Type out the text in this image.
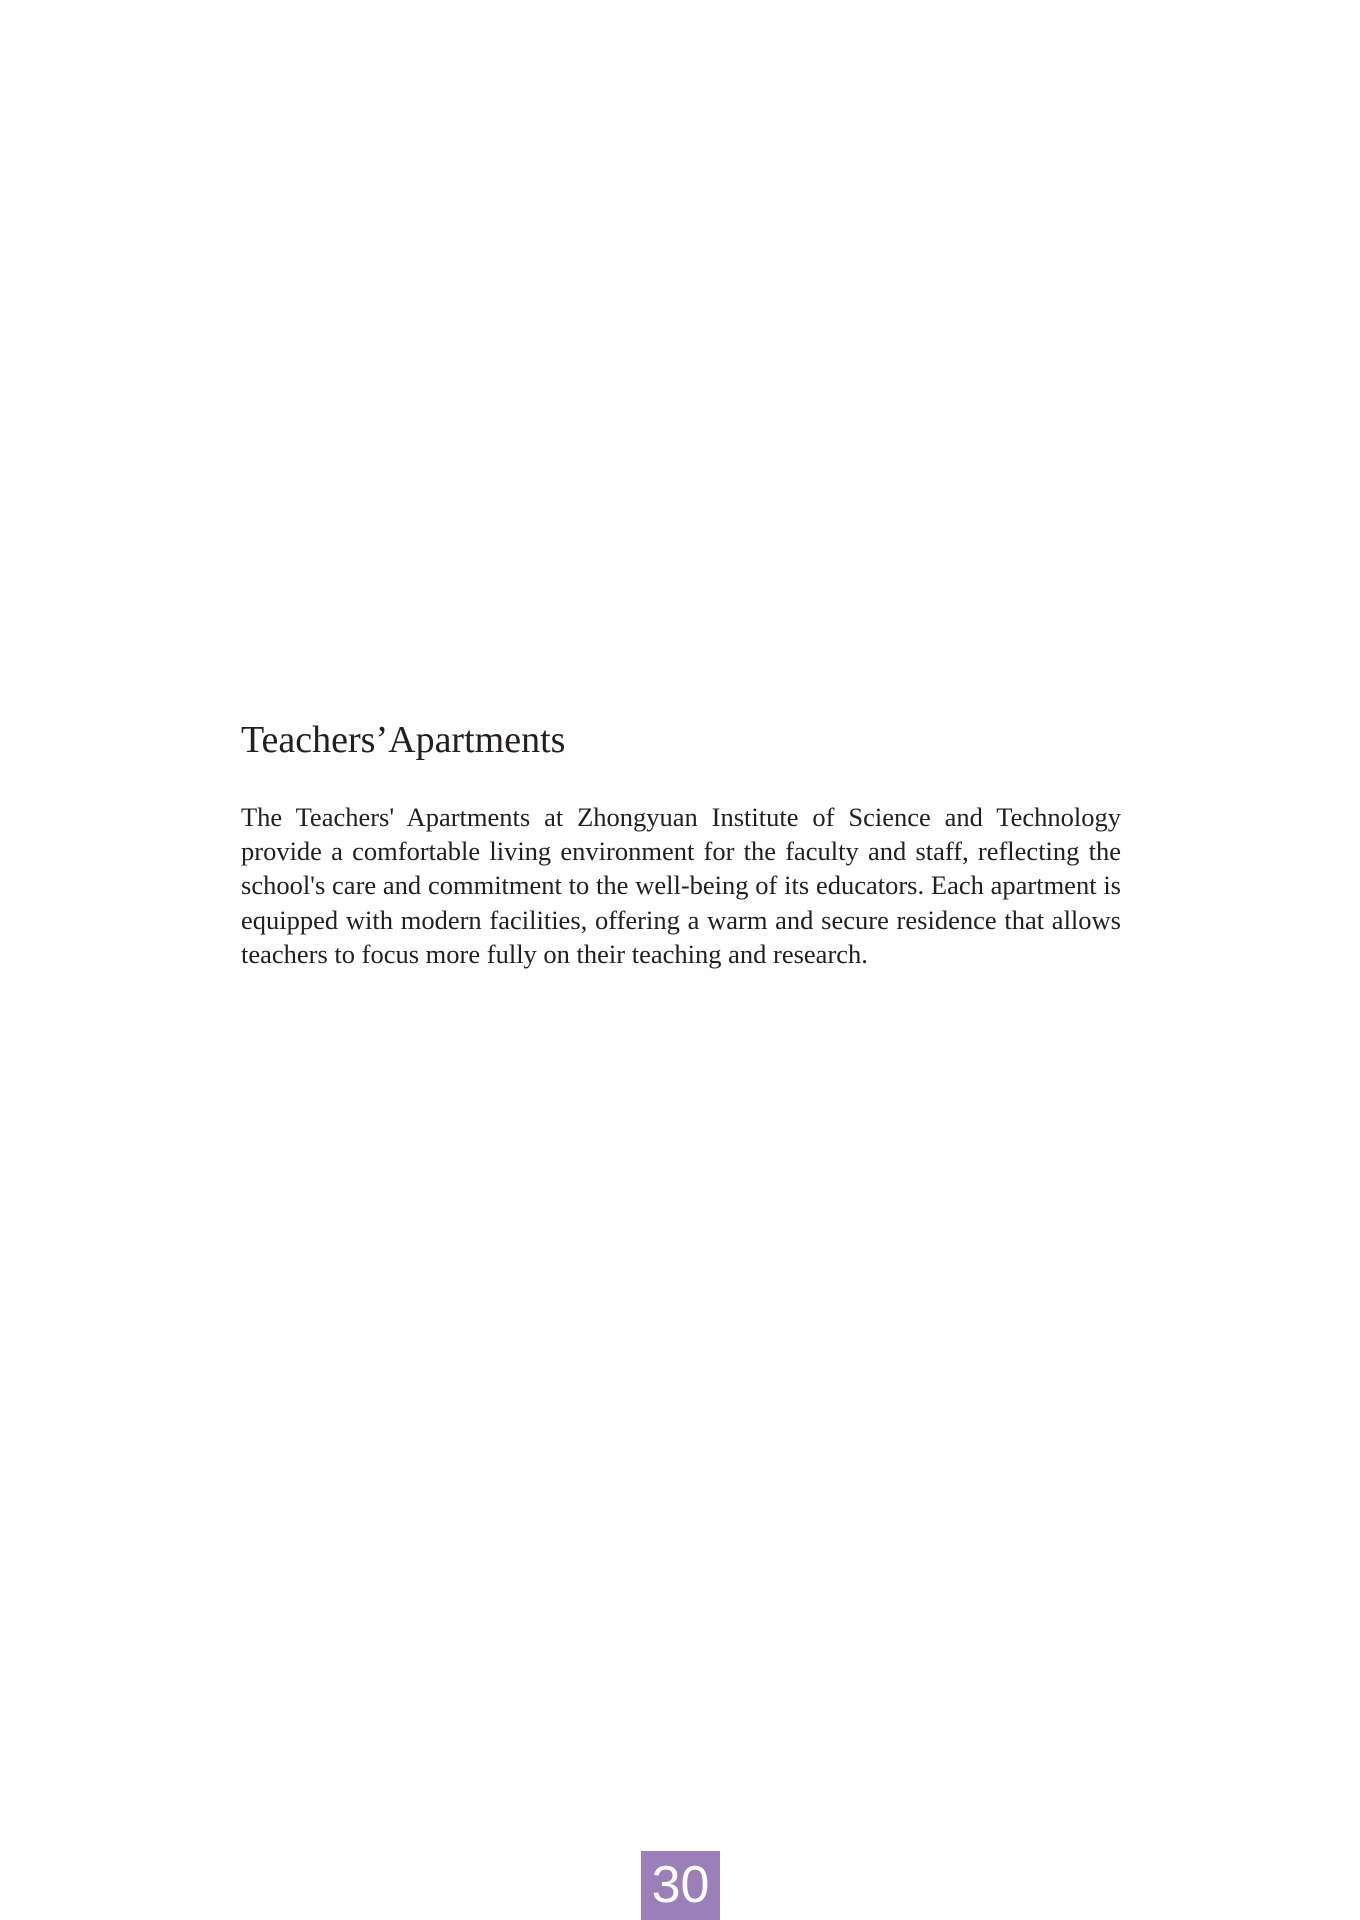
Teachers’Apartments

The Teachers' Apartments at Zhongyuan Institute of Science and Technology provide a comfortable living environment for the faculty and staff, reflecting the school's care and commitment to the well-being of its educators. Each apartment is equipped with modern facilities, offering a warm and secure residence that allows teachers to focus more fully on their teaching and research.

30
